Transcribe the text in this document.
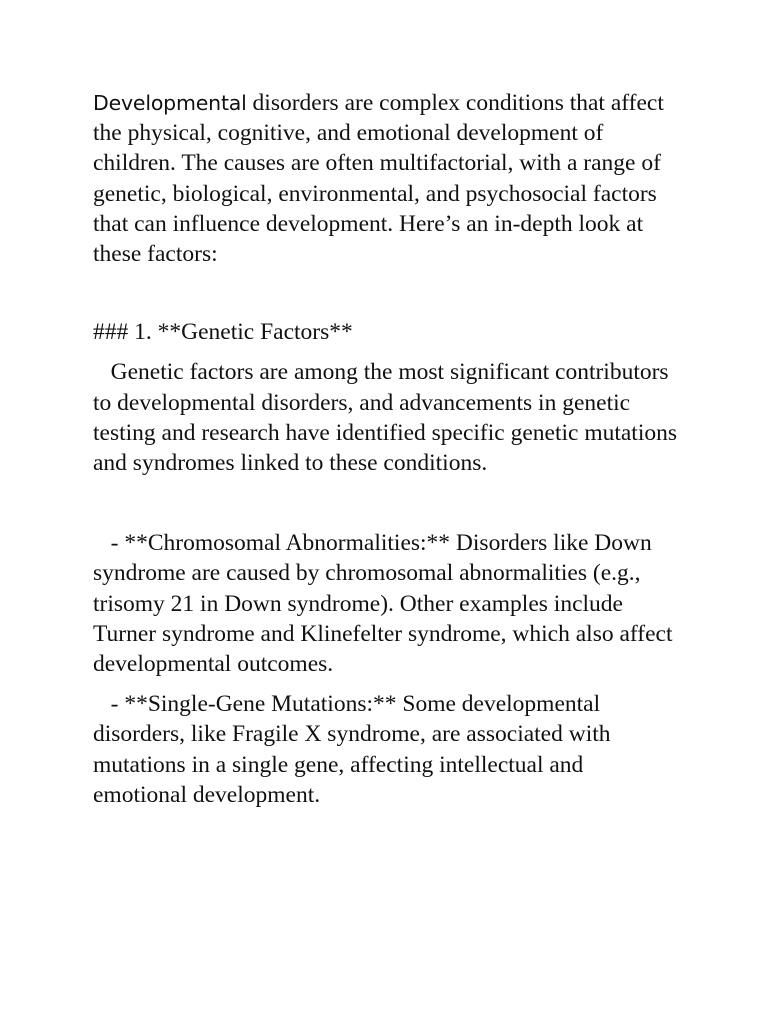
Developmental disorders are complex conditions that affect the physical, cognitive, and emotional development of children. The causes are often multifactorial, with a range of genetic, biological, environmental, and psychosocial factors that can influence development. Here’s an in-depth look at these factors:

### 1. **Genetic Factors**

Genetic factors are among the most significant contributors to developmental disorders, and advancements in genetic testing and research have identified specific genetic mutations and syndromes linked to these conditions.

- **Chromosomal Abnormalities:** Disorders like Down syndrome are caused by chromosomal abnormalities (e.g., trisomy 21 in Down syndrome). Other examples include Turner syndrome and Klinefelter syndrome, which also affect developmental outcomes.

- **Single-Gene Mutations:** Some developmental disorders, like Fragile X syndrome, are associated with mutations in a single gene, affecting intellectual and emotional development.
